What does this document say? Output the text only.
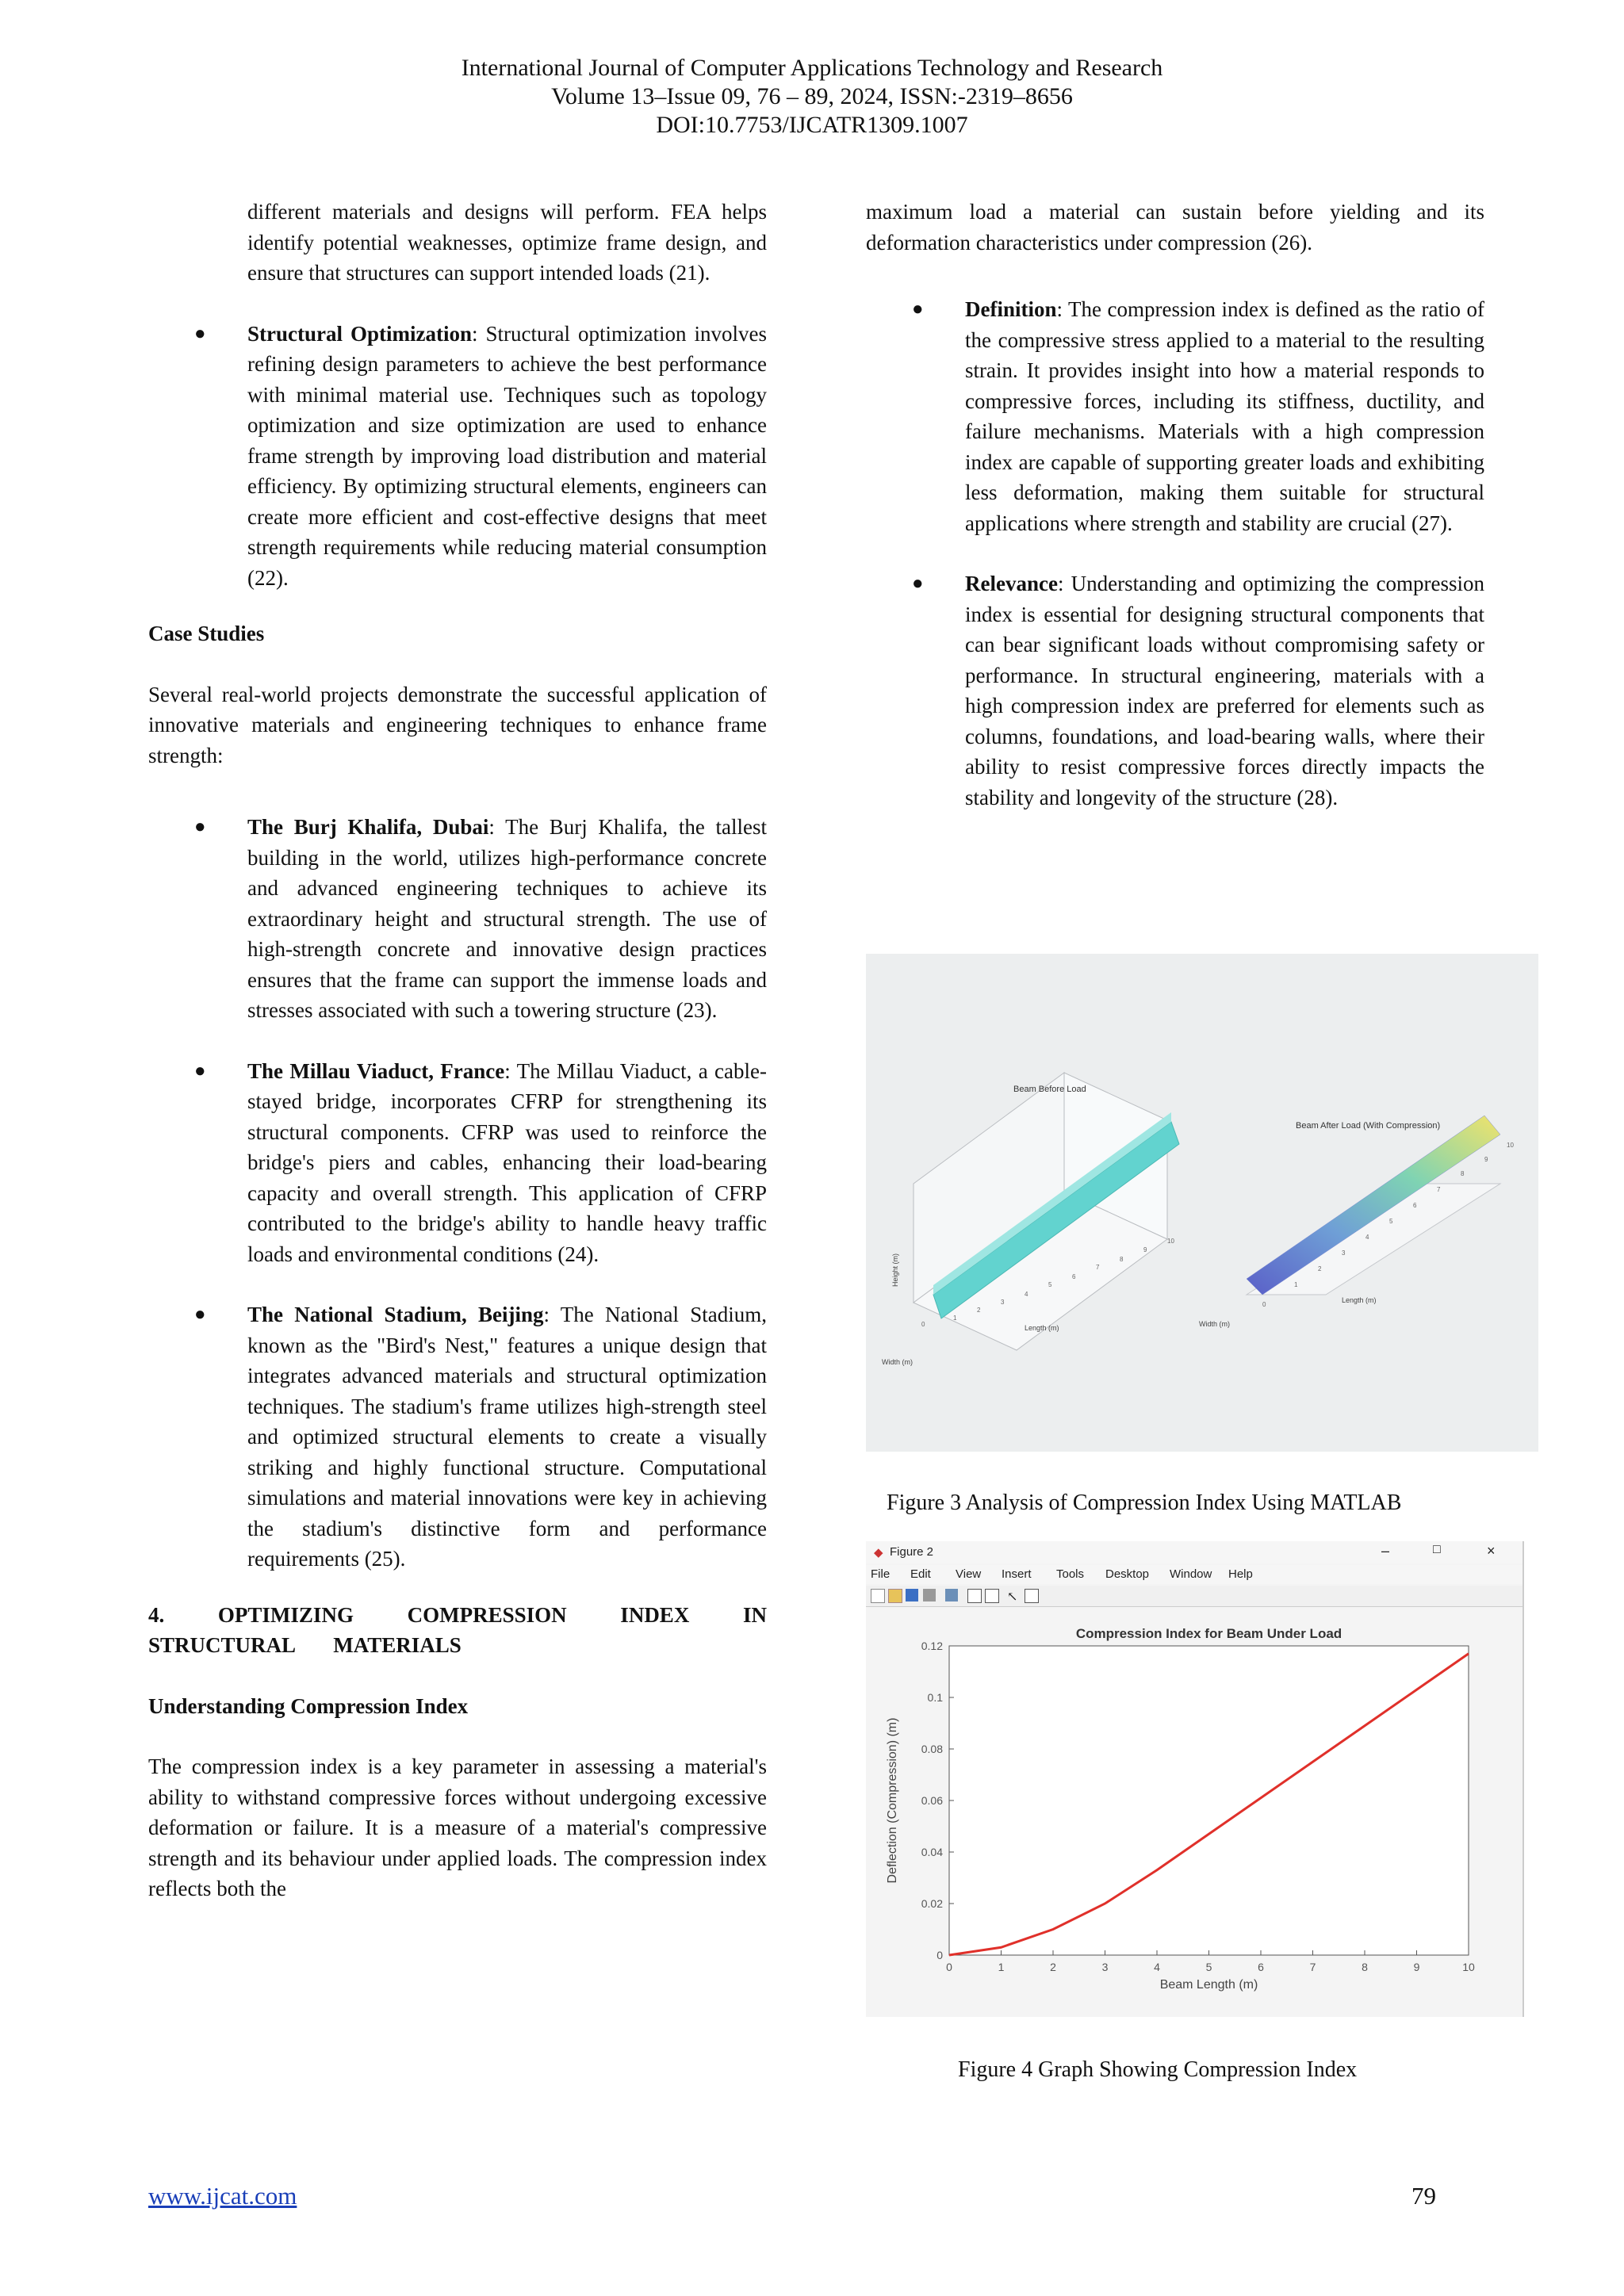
International Journal of Computer Applications Technology and Research
Volume 13–Issue 09, 76 – 89, 2024, ISSN:-2319–8656
DOI:10.7753/IJCATR1309.1007

different materials and designs will perform. FEA helps identify potential weaknesses, optimize frame design, and ensure that structures can support intended loads (21).

● Structural Optimization: Structural optimization involves refining design parameters to achieve the best performance with minimal material use. Techniques such as topology optimization and size optimization are used to enhance frame strength by improving load distribution and material efficiency. By optimizing structural elements, engineers can create more efficient and cost-effective designs that meet strength requirements while reducing material consumption (22).

Case Studies

Several real-world projects demonstrate the successful application of innovative materials and engineering techniques to enhance frame strength:

● The Burj Khalifa, Dubai: The Burj Khalifa, the tallest building in the world, utilizes high-performance concrete and advanced engineering techniques to achieve its extraordinary height and structural strength. The use of high-strength concrete and innovative design practices ensures that the frame can support the immense loads and stresses associated with such a towering structure (23).

● The Millau Viaduct, France: The Millau Viaduct, a cable-stayed bridge, incorporates CFRP for strengthening its structural components. CFRP was used to reinforce the bridge's piers and cables, enhancing their load-bearing capacity and overall strength. This application of CFRP contributed to the bridge's ability to handle heavy traffic loads and environmental conditions (24).

● The National Stadium, Beijing: The National Stadium, known as the "Bird's Nest," features a unique design that integrates advanced materials and structural optimization techniques. The stadium's frame utilizes high-strength steel and optimized structural elements to create a visually striking and highly functional structure. Computational simulations and material innovations were key in achieving the stadium's distinctive form and performance requirements (25).

4. OPTIMIZING COMPRESSION INDEX IN STRUCTURAL MATERIALS

Understanding Compression Index

The compression index is a key parameter in assessing a material's ability to withstand compressive forces without undergoing excessive deformation or failure. It is a measure of a material's compressive strength and its behaviour under applied loads. The compression index reflects both the

maximum load a material can sustain before yielding and its deformation characteristics under compression (26).

● Definition: The compression index is defined as the ratio of the compressive stress applied to a material to the resulting strain. It provides insight into how a material responds to compressive forces, including its stiffness, ductility, and failure mechanisms. Materials with a high compression index are capable of supporting greater loads and exhibiting less deformation, making them suitable for structural applications where strength and stability are crucial (27).

● Relevance: Understanding and optimizing the compression index is essential for designing structural components that can bear significant loads without compromising safety or performance. In structural engineering, materials with a high compression index are preferred for elements such as columns, foundations, and load-bearing walls, where their ability to resist compressive forces directly impacts the stability and longevity of the structure (28).

Beam Before Load
Height (m)
Length (m)
Width (m)
0
1
2
3
4
5
6
7
8
9
10
Beam After Load (With Compression)
Length (m)
Width (m)
0
1
2
3
4
5
6
7
8
9
10
Figure 3 Analysis of Compression Index Using MATLAB
◆ Figure 2	–	□	×
File Edit View Insert Tools Desktop Window Help
↖
0	1	2	3	4	5	6	7	8	9	10
0
0.02
0.04
0.06
0.08
0.1
0.12
Compression Index for Beam Under Load
Beam Length (m)
Deflection (Compression) (m)
Figure 4 Graph Showing Compression Index
www.ijcat.com	79
